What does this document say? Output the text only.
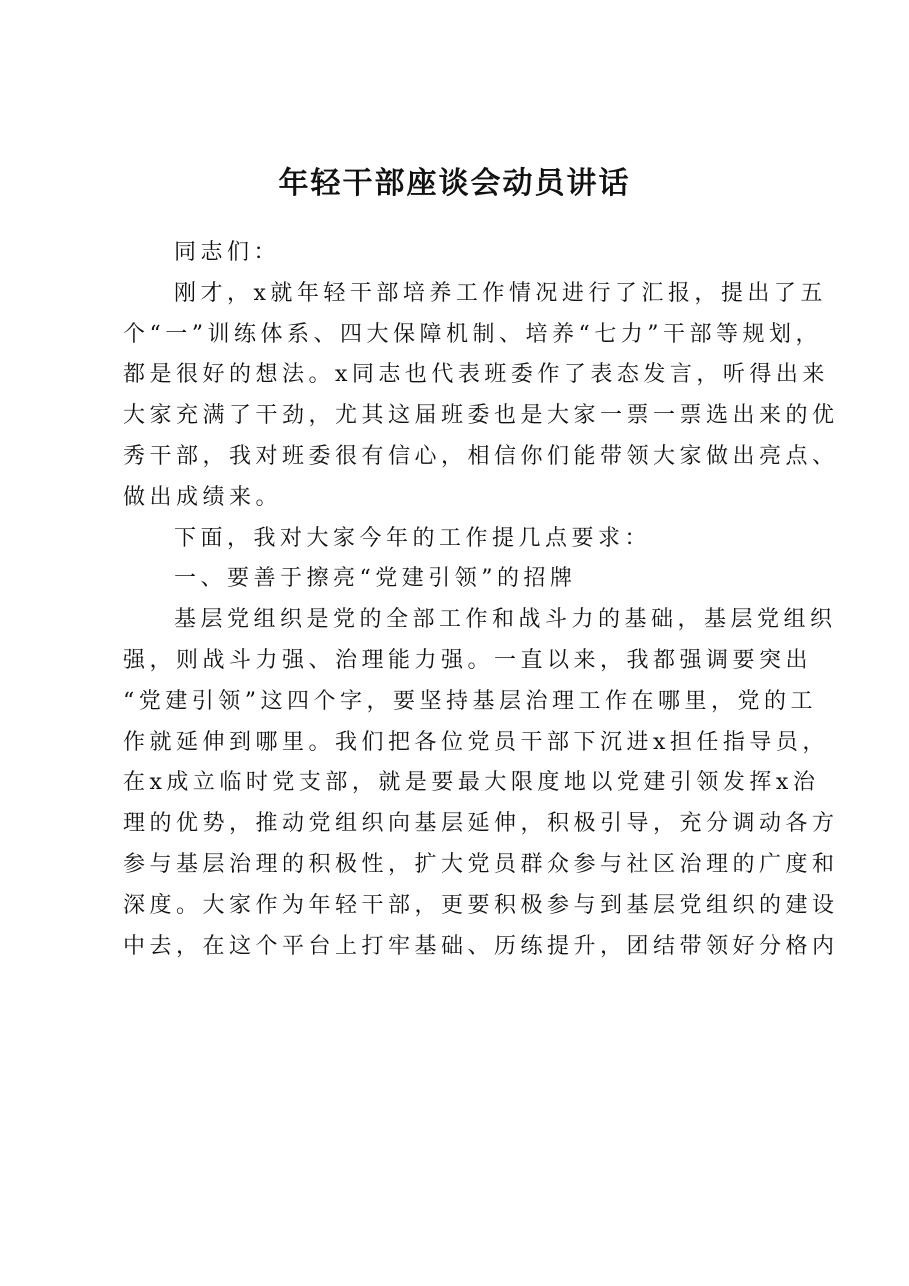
年轻干部座谈会动员讲话

同志们：

刚才，x就年轻干部培养工作情况进行了汇报，提出了五
个“一”训练体系、四大保障机制、培养“七力”干部等规划，
都是很好的想法。x同志也代表班委作了表态发言，听得出来
大家充满了干劲，尤其这届班委也是大家一票一票选出来的优
秀干部，我对班委很有信心，相信你们能带领大家做出亮点、
做出成绩来。

下面，我对大家今年的工作提几点要求：

一、要善于擦亮“党建引领”的招牌

基层党组织是党的全部工作和战斗力的基础，基层党组织
强，则战斗力强、治理能力强。一直以来，我都强调要突出
“党建引领”这四个字，要坚持基层治理工作在哪里，党的工
作就延伸到哪里。我们把各位党员干部下沉进x担任指导员，
在x成立临时党支部，就是要最大限度地以党建引领发挥x治
理的优势，推动党组织向基层延伸，积极引导，充分调动各方
参与基层治理的积极性，扩大党员群众参与社区治理的广度和
深度。大家作为年轻干部，更要积极参与到基层党组织的建设
中去，在这个平台上打牢基础、历练提升，团结带领好分格内
